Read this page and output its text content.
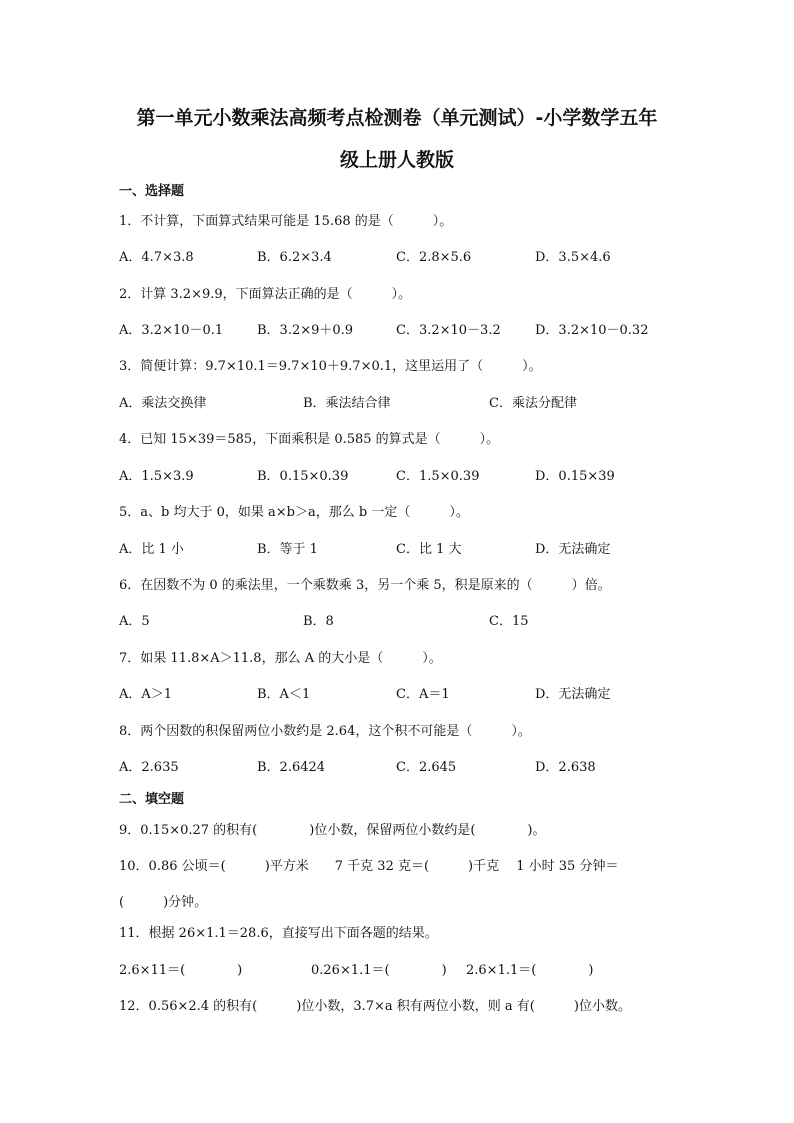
第一单元小数乘法高频考点检测卷（单元测试）-小学数学五年
级上册人教版
一、选择题
1．不计算，下面算式结果可能是 15.68 的是（　　　）。
A．4.7×3.8	B．6.2×3.4	C．2.8×5.6	D．3.5×4.6
2．计算 3.2×9.9，下面算法正确的是（　　　）。
A．3.2×10－0.1	B．3.2×9＋0.9	C．3.2×10－3.2	D．3.2×10－0.32
3．简便计算：9.7×10.1＝9.7×10＋9.7×0.1，这里运用了（　　　）。
A．乘法交换律	B．乘法结合律	C．乘法分配律
4．已知 15×39＝585，下面乘积是 0.585 的算式是（　　　）。
A．1.5×3.9	B．0.15×0.39	C．1.5×0.39	D．0.15×39
5．a、b 均大于 0，如果 a×b＞a，那么 b 一定（　　　）。
A．比 1 小	B．等于 1	C．比 1 大	D．无法确定
6．在因数不为 0 的乘法里，一个乘数乘 3，另一个乘 5，积是原来的（　　　）倍。
A．5	B．8	C．15
7．如果 11.8×A＞11.8，那么 A 的大小是（　　　）。
A．A＞1	B．A＜1	C．A＝1	D．无法确定
8．两个因数的积保留两位小数约是 2.64，这个积不可能是（　　　）。
A．2.635	B．2.6424	C．2.645	D．2.638
二、填空题
9．0.15×0.27 的积有(　　　　)位小数，保留两位小数约是(　　　　)。
10．0.86 公顷＝(　　　)平方米　　7 千克 32 克＝(　　　)千克　 1 小时 35 分钟＝
(　　　)分钟。
11．根据 26×1.1＝28.6，直接写出下面各题的结果。
2.6×11＝(　　　　)	0.26×1.1＝(　　　　) 2.6×1.1＝(　　　　)
12．0.56×2.4 的积有(　　　)位小数，3.7×a 积有两位小数，则 a 有(　　　)位小数。
